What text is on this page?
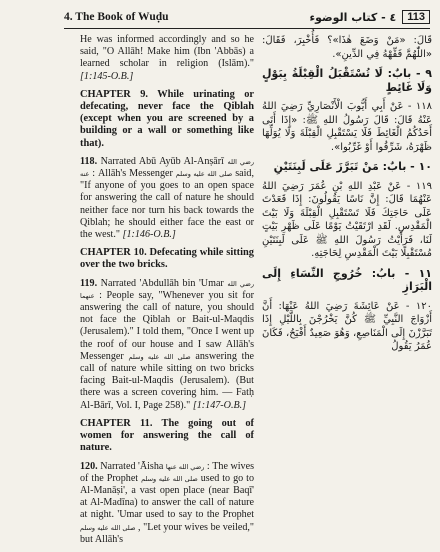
4. The Book of Wuḍu	٤ - كتاب الوضوء	113

He was informed accordingly and so he said, "O Allāh! Make him (Ibn 'Abbās) a learned scholar in religion (Islām)." [1:145-O.B.]

CHAPTER 9. While urinating or defecating, never face the Qiblah (except when you are screened by a building or a wall or something like that).

118. Narrated Abū Ayūb Al-Anṣārī رضي الله عنه : Allāh's Messenger صلى الله عليه وسلم said, "If anyone of you goes to an open space for answering the call of nature he should neither face nor turn his back towards the Qiblah; he should either face the east or the west." [1:146-O.B.]

CHAPTER 10. Defecating while sitting over the two bricks.

119. Narrated 'Abdullāh bin 'Umar رضي الله عنهما : People say, "Whenever you sit for answering the call of nature, you should not face the Qiblah or Bait-ul-Maqdis (Jerusalem)." I told them, "Once I went up the roof of our house and I saw Allāh's Messenger صلى الله عليه وسلم answering the call of nature while sitting on two bricks facing Bait-ul-Maqdis (Jerusalem). (But there was a screen covering him. — Fatḥ Al-Bārī, Vol. I, Page 258)." [1:147-O.B.]

CHAPTER 11. The going out of women for answering the call of nature.

120. Narrated 'Āisha رضي الله عنها : The wives of the Prophet صلى الله عليه وسلم used to go to Al-Manāṣi', a vast open place (near Baqī' at Al-Madīna) to answer the call of nature at night. 'Umar used to say to the Prophet صلى الله عليه وسلم , "Let your wives be veiled," but Allāh's

قَالَ: «مَنْ وَضَعَ هٰذَا»؟ فَأُخْبِرَ، فَقَالَ: «اللّٰهُمَّ فَقِّهْهُ فِي الدِّينِ».
٩ - بابٌ: لَا تُسْتَقْبَلُ الْقِبْلَةُ بِبَوْلٍ وَلَا غَائِطٍ
١١٨ - عَنْ أَبِي أَيُّوبَ الْأَنْصَارِيِّ رَضِيَ اللهُ عَنْهُ قَالَ: قَالَ رَسُولُ اللهِ ﷺ: «إِذَا أَتَى أَحَدُكُمُ الْغَائِطَ فَلَا يَسْتَقْبِلِ الْقِبْلَةَ وَلَا يُوَلِّهَا ظَهْرَهُ، شَرِّقُوا أَوْ غَرِّبُوا».
١٠ - بابٌ: مَنْ تَبَرَّزَ عَلَى لَبِنَتَيْنِ
١١٩ - عَنْ عَبْدِ اللهِ بْنِ عُمَرَ رَضِيَ اللهُ عَنْهُمَا قَالَ: إِنَّ نَاسًا يَقُولُونَ: إِذَا قَعَدْتَ عَلَى حَاجَتِكَ فَلَا تَسْتَقْبِلِ الْقِبْلَةَ وَلَا بَيْتَ الْمَقْدِسِ. لَقَدِ ارْتَقَيْتُ يَوْمًا عَلَى ظَهْرِ بَيْتٍ لَنَا، فَرَأَيْتُ رَسُولَ اللهِ ﷺ عَلَى لَبِنَتَيْنِ مُسْتَقْبِلًا بَيْتَ الْمَقْدِسِ لِحَاجَتِهِ.
١١ - بابُ: خُرُوجِ النِّسَاءِ إِلَى الْبَرَازِ
١٢٠ - عَنْ عَائِشَةَ رَضِيَ اللهُ عَنْهَا: أَنَّ أَزْوَاجَ النَّبِيِّ ﷺ كُنَّ يَخْرُجْنَ بِاللَّيْلِ إِذَا تَبَرَّزْنَ إِلَى الْمَنَاصِعِ، وَهُوَ صَعِيدٌ أَفْيَحُ، فَكَانَ عُمَرُ يَقُولُ
